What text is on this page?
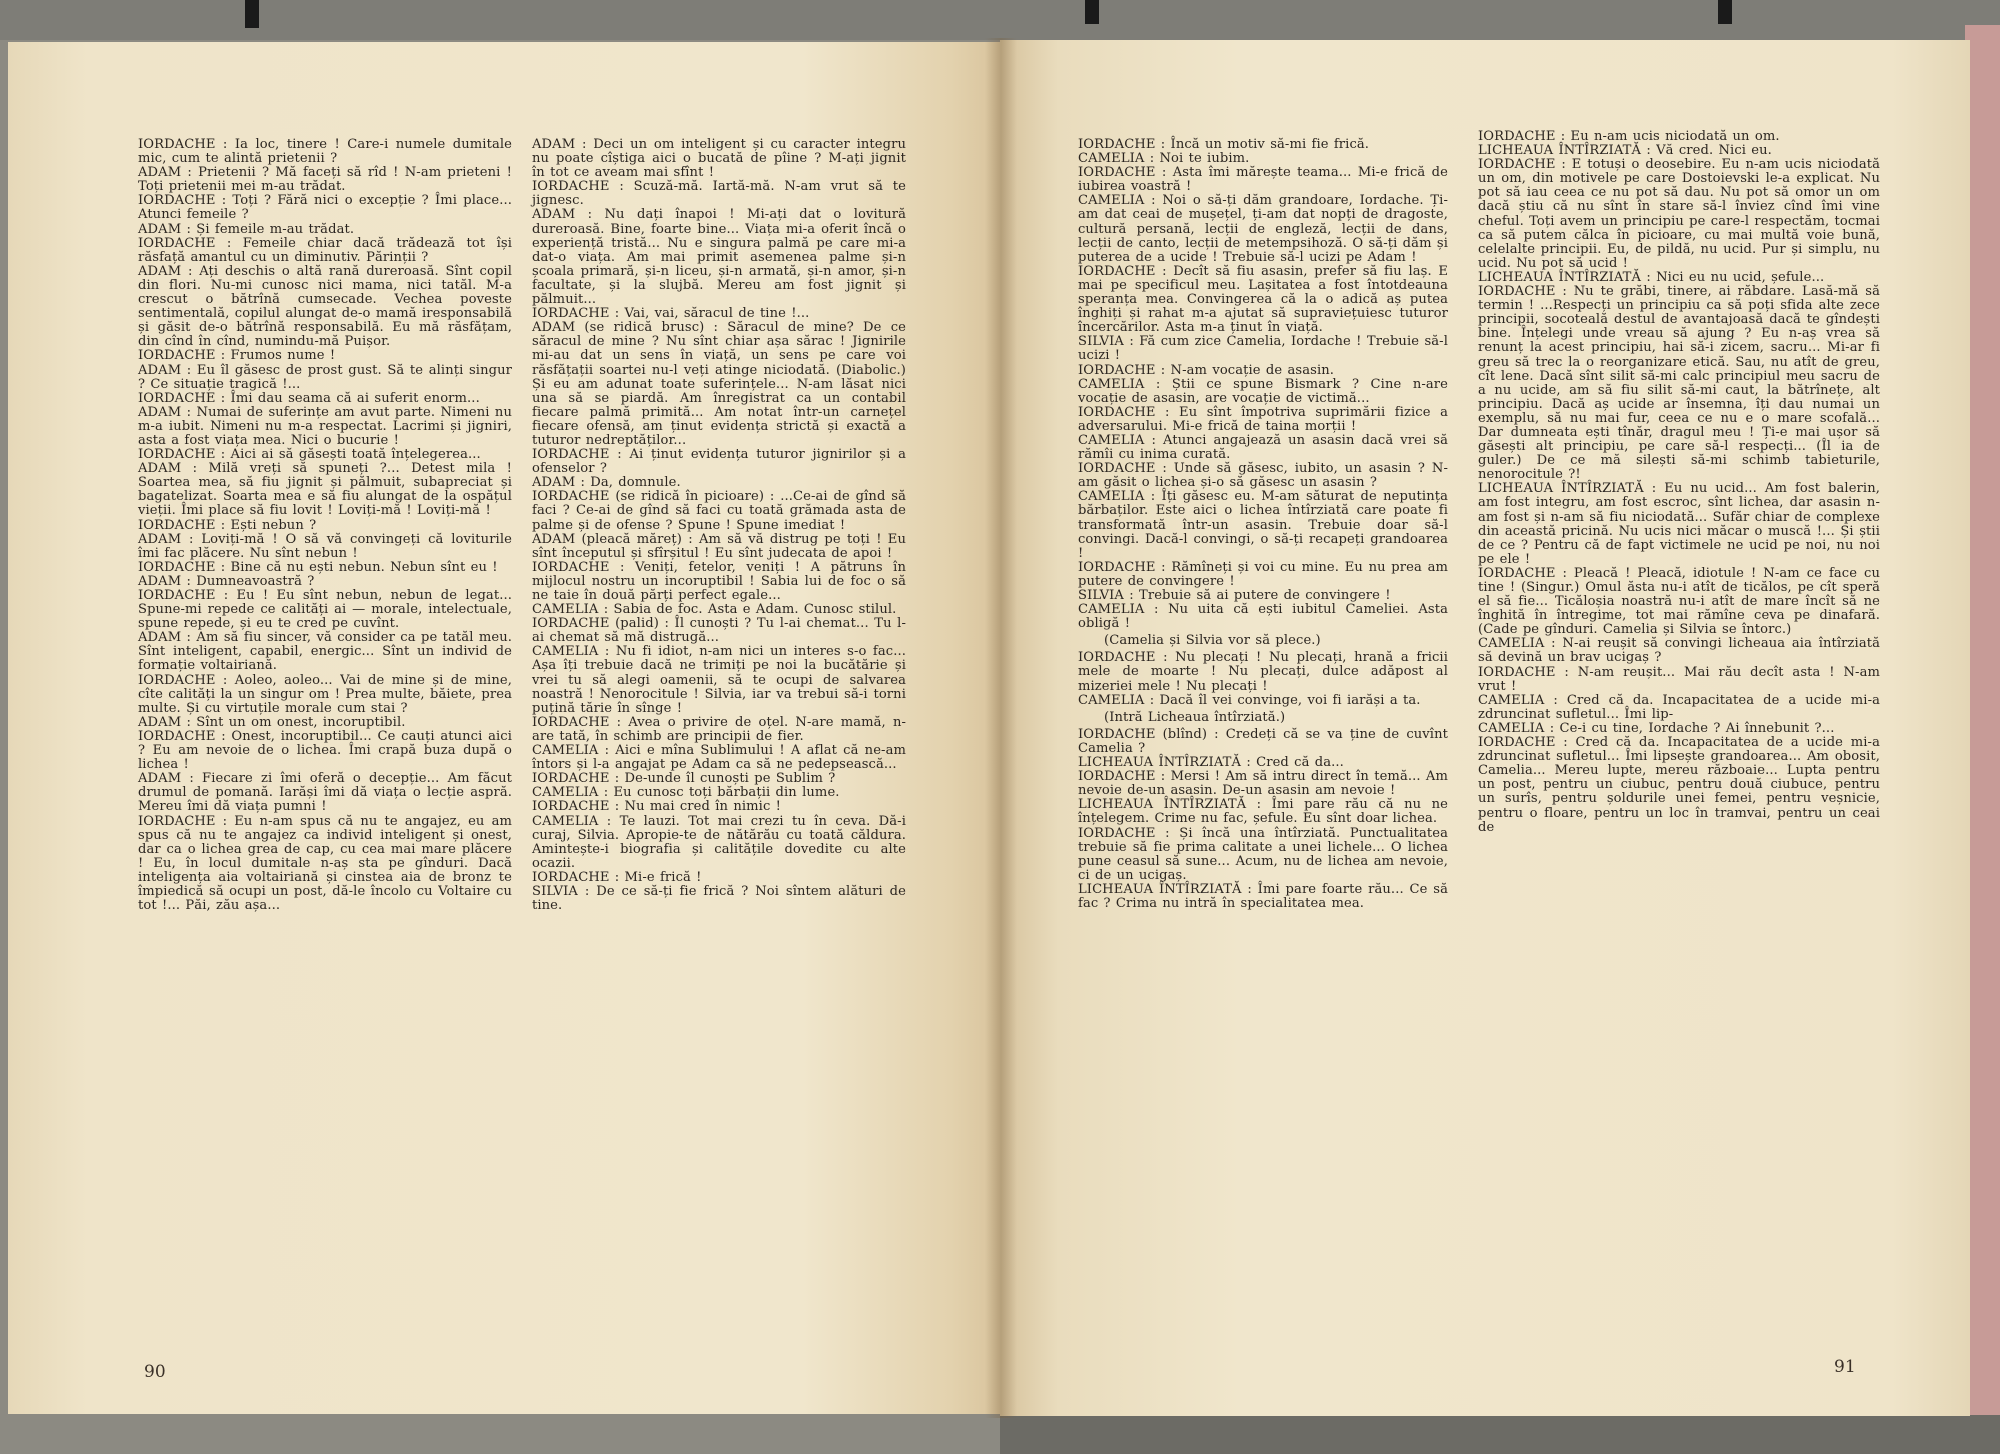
IORDACHE : Ia loc, tinere ! Care-i numele dumitale mic, cum te alintă prietenii ?

ADAM : Prietenii ? Mă faceți să rîd ! N-am prieteni ! Toți prietenii mei m-au trădat.

IORDACHE : Toți ? Fără nici o excepție ? Îmi place... Atunci femeile ?

ADAM : Și femeile m-au trădat.

IORDACHE : Femeile chiar dacă trădează tot își răsfață amantul cu un diminutiv. Părinții ?

ADAM : Ați deschis o altă rană dureroasă. Sînt copil din flori. Nu-mi cunosc nici mama, nici tatăl. M-a crescut o bătrînă cumsecade. Vechea poveste sentimentală, copilul alungat de-o mamă iresponsabilă și găsit de-o bătrînă responsabilă. Eu mă răsfățam, din cînd în cînd, numindu-mă Puișor.

IORDACHE : Frumos nume !

ADAM : Eu îl găsesc de prost gust. Să te alinți singur ? Ce situație tragică !...

IORDACHE : Îmi dau seama că ai suferit enorm...

ADAM : Numai de suferințe am avut parte. Nimeni nu m-a iubit. Nimeni nu m-a respectat. Lacrimi și jigniri, asta a fost viața mea. Nici o bucurie !

IORDACHE : Aici ai să găsești toată înțelegerea...

ADAM : Milă vreți să spuneți ?... Detest mila ! Soartea mea, să fiu jignit și pălmuit, subapreciat și bagatelizat. Soarta mea e să fiu alungat de la ospățul vieții. Îmi place să fiu lovit ! Loviți-mă ! Loviți-mă !

IORDACHE : Ești nebun ?

ADAM : Loviți-mă ! O să vă convingeți că loviturile îmi fac plăcere. Nu sînt nebun !

IORDACHE : Bine că nu ești nebun. Nebun sînt eu !

ADAM : Dumneavoastră ?

IORDACHE : Eu ! Eu sînt nebun, nebun de legat... Spune-mi repede ce calități ai — morale, intelectuale, spune repede, și eu te cred pe cuvînt.

ADAM : Am să fiu sincer, vă consider ca pe tatăl meu. Sînt inteligent, capabil, energic... Sînt un individ de formație voltairiană.

IORDACHE : Aoleo, aoleo... Vai de mine și de mine, cîte calități la un singur om ! Prea multe, băiete, prea multe. Și cu virtuțile morale cum stai ?

ADAM : Sînt un om onest, incoruptibil.

IORDACHE : Onest, incoruptibil... Ce cauți atunci aici ? Eu am nevoie de o lichea. Îmi crapă buza după o lichea !

ADAM : Fiecare zi îmi oferă o decepție... Am făcut drumul de pomană. Iarăși îmi dă viața o lecție aspră. Mereu îmi dă viața pumni !

IORDACHE : Eu n-am spus că nu te angajez, eu am spus că nu te angajez ca individ inteligent și onest, dar ca o lichea grea de cap, cu cea mai mare plăcere ! Eu, în locul dumitale n-aș sta pe gînduri. Dacă inteligența aia voltairiană și cinstea aia de bronz te împiedică să ocupi un post, dă-le încolo cu Voltaire cu tot !... Păi, zău așa...

ADAM : Deci un om inteligent și cu caracter integru nu poate cîștiga aici o bucată de pîine ? M-ați jignit în tot ce aveam mai sfînt !

IORDACHE : Scuză-mă. Iartă-mă. N-am vrut să te jignesc.

ADAM : Nu dați înapoi ! Mi-ați dat o lovitură dureroasă. Bine, foarte bine... Viața mi-a oferit încă o experiență tristă... Nu e singura palmă pe care mi-a dat-o viața. Am mai primit asemenea palme și-n școala primară, și-n liceu, și-n armată, și-n amor, și-n facultate, și la slujbă. Mereu am fost jignit și pălmuit...

IORDACHE : Vai, vai, săracul de tine !...

ADAM (se ridică brusc) : Săracul de mine? De ce săracul de mine ? Nu sînt chiar așa sărac ! Jignirile mi-au dat un sens în viață, un sens pe care voi răsfățații soartei nu-l veți atinge niciodată. (Diabolic.) Și eu am adunat toate suferințele... N-am lăsat nici una să se piardă. Am înregistrat ca un contabil fiecare palmă primită... Am notat într-un carnețel fiecare ofensă, am ținut evidența strictă și exactă a tuturor nedreptăților...

IORDACHE : Ai ținut evidența tuturor jignirilor și a ofenselor ?

ADAM : Da, domnule.

IORDACHE (se ridică în picioare) : ...Ce-ai de gînd să faci ? Ce-ai de gînd să faci cu toată grămada asta de palme și de ofense ? Spune ! Spune imediat !

ADAM (pleacă măreț) : Am să vă distrug pe toți ! Eu sînt începutul și sfîrșitul ! Eu sînt judecata de apoi !

IORDACHE : Veniți, fetelor, veniți ! A pătruns în mijlocul nostru un incoruptibil ! Sabia lui de foc o să ne taie în două părți perfect egale...

CAMELIA : Sabia de foc. Asta e Adam. Cunosc stilul.

IORDACHE (palid) : Îl cunoști ? Tu l-ai chemat... Tu l-ai chemat să mă distrugă...

CAMELIA : Nu fi idiot, n-am nici un interes s-o fac... Așa îți trebuie dacă ne trimiți pe noi la bucătărie și vrei tu să alegi oamenii, să te ocupi de salvarea noastră ! Nenorocitule ! Silvia, iar va trebui să-i torni puțină tărie în sînge !

IORDACHE : Avea o privire de oțel. N-are mamă, n-are tată, în schimb are principii de fier.

CAMELIA : Aici e mîna Sublimului ! A aflat că ne-am întors și l-a angajat pe Adam ca să ne pedepsească...

IORDACHE : De-unde îl cunoști pe Sublim ?

CAMELIA : Eu cunosc toți bărbații din lume.

IORDACHE : Nu mai cred în nimic !

CAMELIA : Te lauzi. Tot mai crezi tu în ceva. Dă-i curaj, Silvia. Apropie-te de nătărău cu toată căldura. Amintește-i biografia și calitățile dovedite cu alte ocazii.

IORDACHE : Mi-e frică !

SILVIA : De ce să-ți fie frică ? Noi sîntem alături de tine.

IORDACHE : Încă un motiv să-mi fie frică.

CAMELIA : Noi te iubim.

IORDACHE : Asta îmi mărește teama... Mi-e frică de iubirea voastră !

CAMELIA : Noi o să-ți dăm grandoare, Iordache. Ți-am dat ceai de mușețel, ți-am dat nopți de dragoste, cultură persană, lecții de engleză, lecții de dans, lecții de canto, lecții de metempsihoză. O să-ți dăm și puterea de a ucide ! Trebuie să-l ucizi pe Adam !

IORDACHE : Decît să fiu asasin, prefer să fiu laș. E mai pe specificul meu. Lașitatea a fost întotdeauna speranța mea. Convingerea că la o adică aș putea înghiți și rahat m-a ajutat să supraviețuiesc tuturor încercărilor. Asta m-a ținut în viață.

SILVIA : Fă cum zice Camelia, Iordache ! Trebuie să-l ucizi !

IORDACHE : N-am vocație de asasin.

CAMELIA : Știi ce spune Bismark ? Cine n-are vocație de asasin, are vocație de victimă...

IORDACHE : Eu sînt împotriva suprimării fizice a adversarului. Mi-e frică de taina morții !

CAMELIA : Atunci angajează un asasin dacă vrei să rămîi cu inima curată.

IORDACHE : Unde să găsesc, iubito, un asasin ? N-am găsit o lichea și-o să găsesc un asasin ?

CAMELIA : Îți găsesc eu. M-am săturat de neputința bărbaților. Este aici o lichea întîrziată care poate fi transformată într-un asasin. Trebuie doar să-l convingi. Dacă-l convingi, o să-ți recapeți grandoarea !

IORDACHE : Rămîneți și voi cu mine. Eu nu prea am putere de convingere !

SILVIA : Trebuie să ai putere de convingere !

CAMELIA : Nu uita că ești iubitul Cameliei. Asta obligă !

(Camelia și Silvia vor să plece.)

IORDACHE : Nu plecați ! Nu plecați, hrană a fricii mele de moarte ! Nu plecați, dulce adăpost al mizeriei mele ! Nu plecați !

CAMELIA : Dacă îl vei convinge, voi fi iarăși a ta.

(Intră Licheaua întîrziată.)

IORDACHE (blînd) : Credeți că se va ține de cuvînt Camelia ?

LICHEAUA ÎNTÎRZIATĂ : Cred că da...

IORDACHE : Mersi ! Am să intru direct în temă... Am nevoie de-un asasin. De-un asasin am nevoie !

LICHEAUA ÎNTÎRZIATĂ : Îmi pare rău că nu ne înțelegem. Crime nu fac, șefule. Eu sînt doar lichea.

IORDACHE : Și încă una întîrziată. Punctualitatea trebuie să fie prima calitate a unei lichele... O lichea pune ceasul să sune... Acum, nu de lichea am nevoie, ci de un ucigaș.

LICHEAUA ÎNTÎRZIATĂ : Îmi pare foarte rău... Ce să fac ? Crima nu intră în specialitatea mea.

IORDACHE : Eu n-am ucis niciodată un om.

LICHEAUA ÎNTÎRZIATĂ : Vă cred. Nici eu.

IORDACHE : E totuși o deosebire. Eu n-am ucis niciodată un om, din motivele pe care Dostoievski le-a explicat. Nu pot să iau ceea ce nu pot să dau. Nu pot să omor un om dacă știu că nu sînt în stare să-l înviez cînd îmi vine cheful. Toți avem un principiu pe care-l respectăm, tocmai ca să putem călca în picioare, cu mai multă voie bună, celelalte principii. Eu, de pildă, nu ucid. Pur și simplu, nu ucid. Nu pot să ucid !

LICHEAUA ÎNTÎRZIATĂ : Nici eu nu ucid, șefule...

IORDACHE : Nu te grăbi, tinere, ai răbdare. Lasă-mă să termin ! ...Respecți un principiu ca să poți sfida alte zece principii, socoteală destul de avantajoasă dacă te gîndești bine. Înțelegi unde vreau să ajung ? Eu n-aș vrea să renunț la acest principiu, hai să-i zicem, sacru... Mi-ar fi greu să trec la o reorganizare etică. Sau, nu atît de greu, cît lene. Dacă sînt silit să-mi calc principiul meu sacru de a nu ucide, am să fiu silit să-mi caut, la bătrînețe, alt principiu. Dacă aș ucide ar însemna, îți dau numai un exemplu, să nu mai fur, ceea ce nu e o mare scofală... Dar dumneata ești tînăr, dragul meu ! Ți-e mai ușor să găsești alt principiu, pe care să-l respecți... (Îl ia de guler.) De ce mă silești să-mi schimb tabieturile, nenorocitule ?!

LICHEAUA ÎNTÎRZIATĂ : Eu nu ucid... Am fost balerin, am fost integru, am fost escroc, sînt lichea, dar asasin n-am fost și n-am să fiu niciodată... Sufăr chiar de complexe din această pricină. Nu ucis nici măcar o muscă !... Și știi de ce ? Pentru că de fapt victimele ne ucid pe noi, nu noi pe ele !

IORDACHE : Pleacă ! Pleacă, idiotule ! N-am ce face cu tine ! (Singur.) Omul ăsta nu-i atît de ticălos, pe cît speră el să fie... Ticăloșia noastră nu-i atît de mare încît să ne înghită în întregime, tot mai rămîne ceva pe dinafară. (Cade pe gînduri. Camelia și Silvia se întorc.)

CAMELIA : N-ai reușit să convingi licheaua aia întîrziată să devină un brav ucigaș ?

IORDACHE : N-am reușit... Mai rău decît asta ! N-am vrut !

CAMELIA : Cred că da. Incapacitatea de a ucide mi-a zdruncinat sufletul... Îmi lip-

CAMELIA : Ce-i cu tine, Iordache ? Ai înnebunit ?...

IORDACHE : Cred că da. Incapacitatea de a ucide mi-a zdruncinat sufletul... Îmi lipsește grandoarea... Am obosit, Camelia... Mereu lupte, mereu războaie... Lupta pentru un post, pentru un ciubuc, pentru două ciubuce, pentru un surîs, pentru șoldurile unei femei, pentru veșnicie, pentru o floare, pentru un loc în tramvai, pentru un ceai de

90	91
